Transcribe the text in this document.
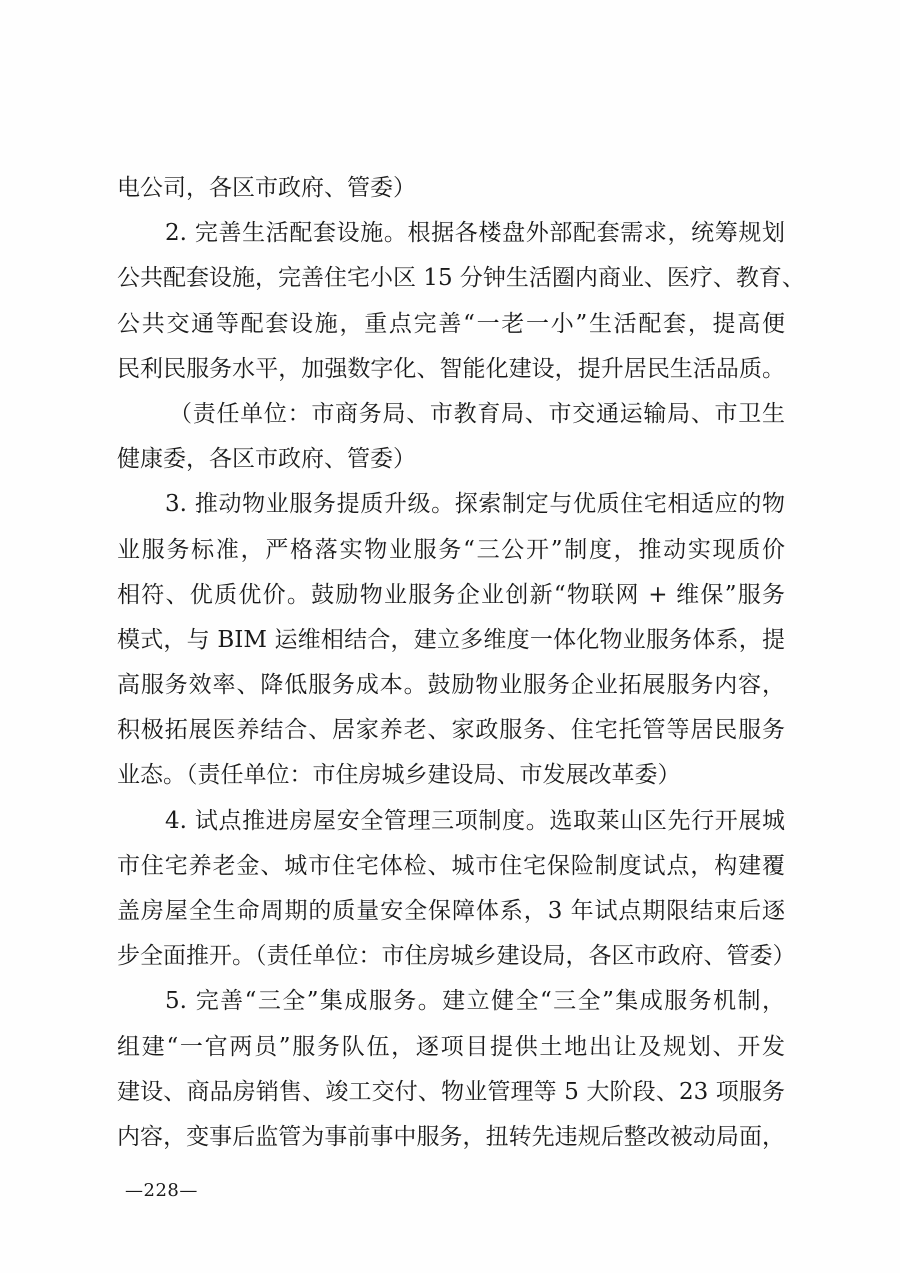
电公司，各区市政府、管委）
2. 完善生活配套设施。根据各楼盘外部配套需求，统筹规划
公共配套设施，完善住宅小区 15 分钟生活圈内商业、医疗、教育、
公共交通等配套设施，重点完善“一老一小”生活配套，提高便
民利民服务水平，加强数字化、智能化建设，提升居民生活品质。
（责任单位：市商务局、市教育局、市交通运输局、市卫生
健康委，各区市政府、管委）
3. 推动物业服务提质升级。探索制定与优质住宅相适应的物
业服务标准，严格落实物业服务“三公开”制度，推动实现质价
相符、优质优价。鼓励物业服务企业创新“物联网 + 维保”服务
模式，与 BIM 运维相结合，建立多维度一体化物业服务体系，提
高服务效率、降低服务成本。鼓励物业服务企业拓展服务内容，
积极拓展医养结合、居家养老、家政服务、住宅托管等居民服务
业态。（责任单位：市住房城乡建设局、市发展改革委）
4. 试点推进房屋安全管理三项制度。选取莱山区先行开展城
市住宅养老金、城市住宅体检、城市住宅保险制度试点，构建覆
盖房屋全生命周期的质量安全保障体系，3 年试点期限结束后逐
步全面推开。（责任单位：市住房城乡建设局，各区市政府、管委）
5. 完善“三全”集成服务。建立健全“三全”集成服务机制，
组建“一官两员”服务队伍，逐项目提供土地出让及规划、开发
建设、商品房销售、竣工交付、物业管理等 5 大阶段、23 项服务
内容，变事后监管为事前事中服务，扭转先违规后整改被动局面，
—228—
